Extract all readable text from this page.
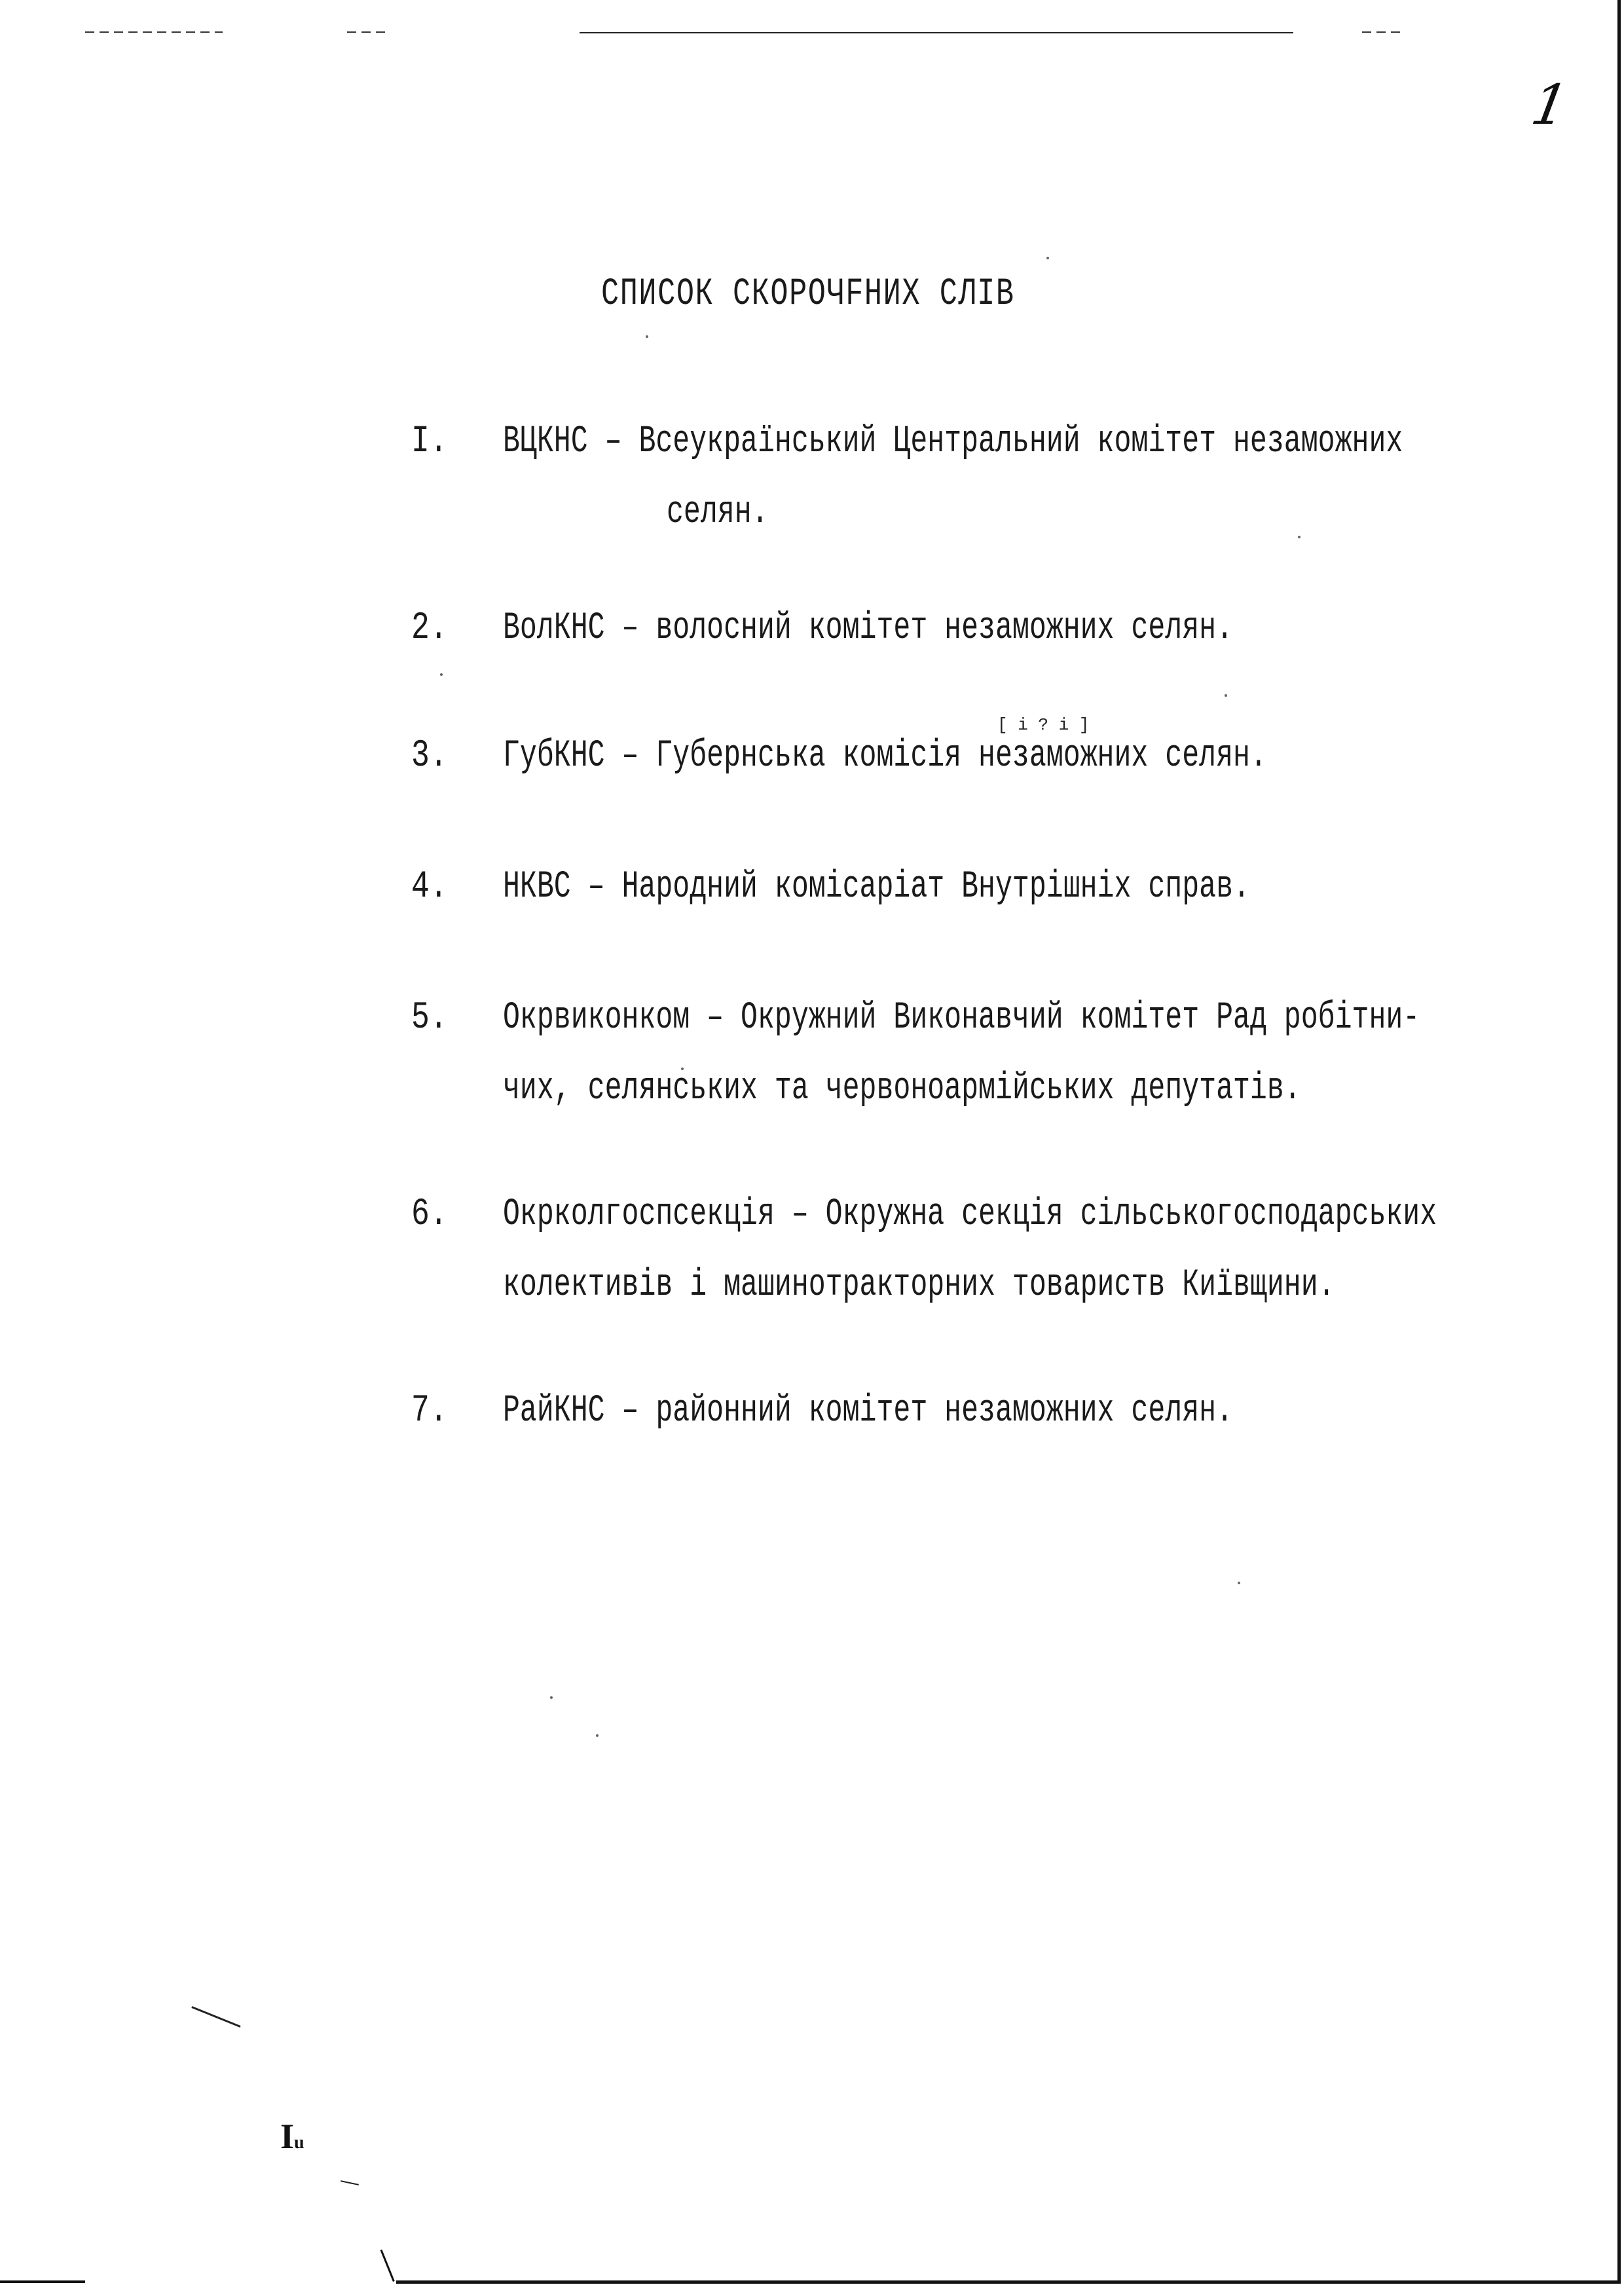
1
СПИСОК СКОРОЧFНИХ СЛIВ
I. ВЦКНС – Всеукраїнський Центральний комітет незаможних
селян.
2. ВолКНС – волосний комітет незаможних селян.
[ і ? і ]
3. ГубКНС – Губернська комісія незаможних селян.
4. НКВС – Народний комісаріат Внутрішніх справ.
5. Окрвиконком – Окружний Виконавчий комітет Рад робітни-
чих, селянських та червоноармійських депутатів.
6. Окрколгоспсекція – Окружна секція сільськогосподарських
колективів і машинотракторних товариств Київщини.
7. РайКНС – районний комітет незаможних селян.
Iu
